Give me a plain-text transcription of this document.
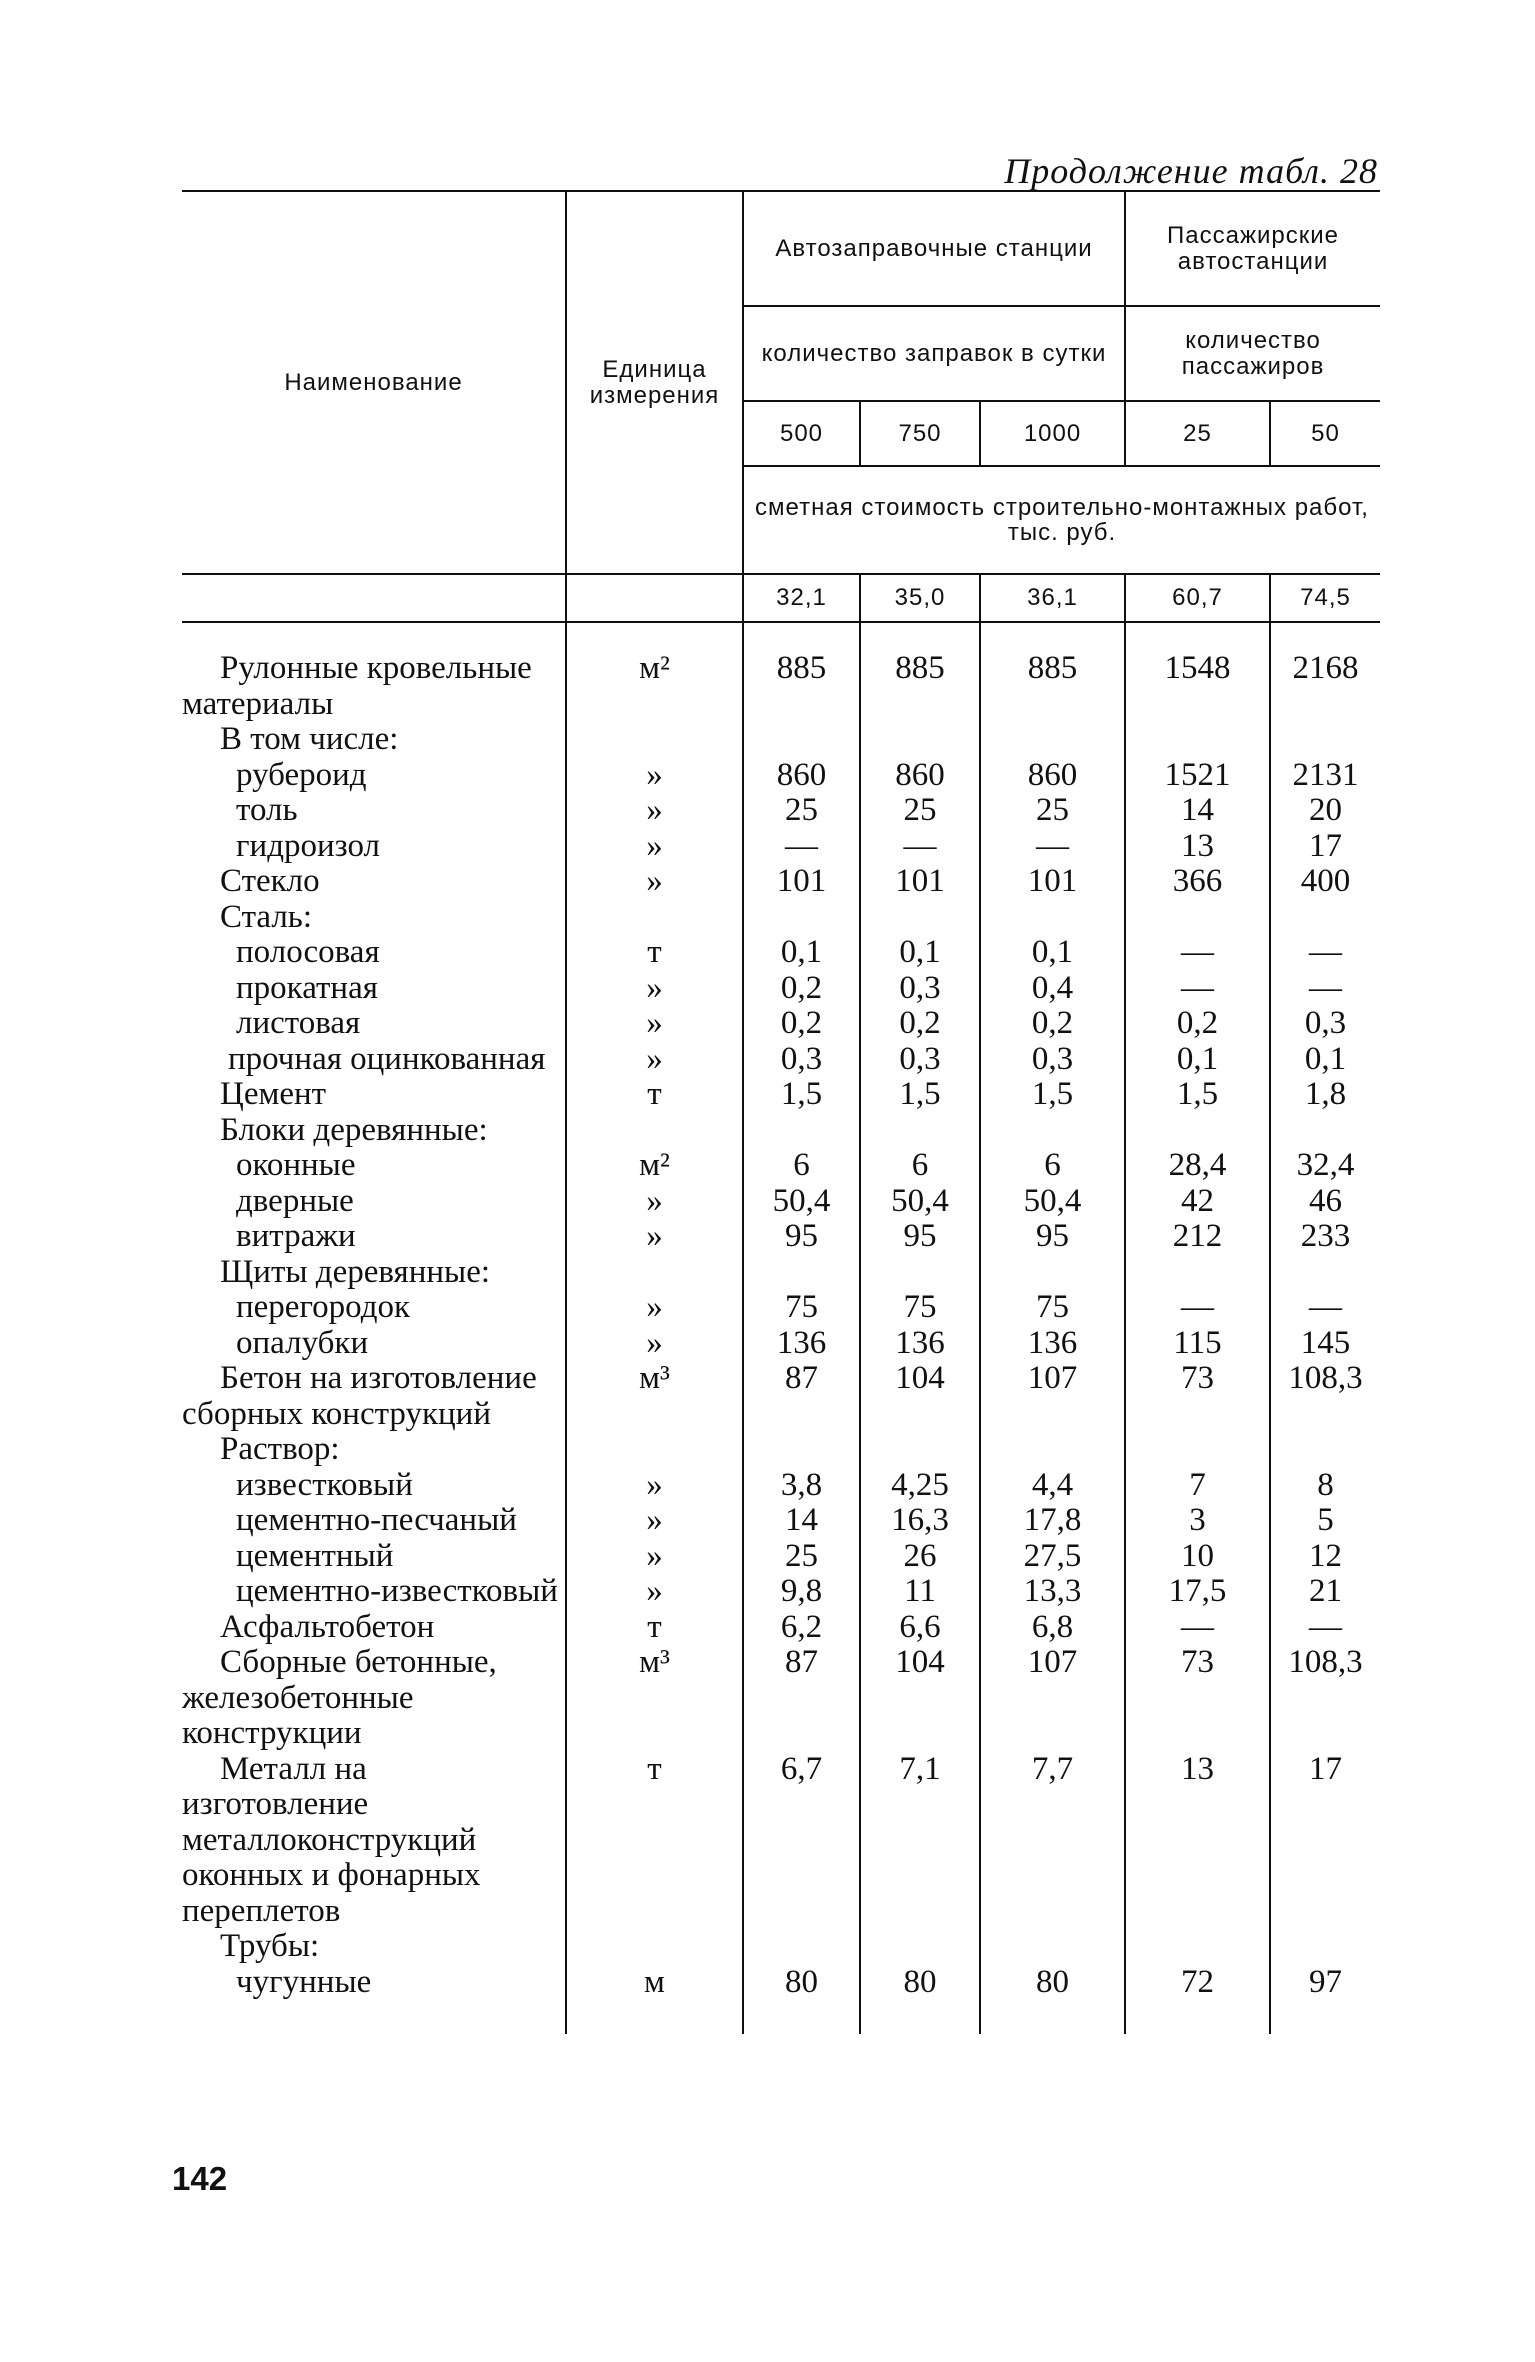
Продолжение табл. 28
Наименование	Единица измерения	Автозаправочные станции			Пассажирские автостанции	
		количество заправок в сутки			количество пассажиров	
		500	750	1000	25	50
		сметная стоимость строительно-монтажных работ, тыс. руб.				
		32,1	35,0	36,1	60,7	74,5
Рулонные кровельные материалы	м²	885	885	885	1548	2168
В том числе:						
рубероид	»	860	860	860	1521	2131
толь	»	25	25	25	14	20
гидроизол	»	—	—	—	13	17
Стекло	»	101	101	101	366	400
Сталь:						
полосовая	т	0,1	0,1	0,1	—	—
прокатная	»	0,2	0,3	0,4	—	—
листовая	»	0,2	0,2	0,2	0,2	0,3
прочная оцинкованная	»	0,3	0,3	0,3	0,1	0,1
Цемент	т	1,5	1,5	1,5	1,5	1,8
Блоки деревянные:						
оконные	м²	6	6	6	28,4	32,4
дверные	»	50,4	50,4	50,4	42	46
витражи	»	95	95	95	212	233
Щиты деревянные:						
перегородок	»	75	75	75	—	—
опалубки	»	136	136	136	115	145
Бетон на изготовление сборных конструкций	м³	87	104	107	73	108,3
Раствор:						
известковый	»	3,8	4,25	4,4	7	8
цементно-песчаный	»	14	16,3	17,8	3	5
цементный	»	25	26	27,5	10	12
цементно-известковый	»	9,8	11	13,3	17,5	21
Асфальтобетон	т	6,2	6,6	6,8	—	—
Сборные бетонные, железобетонные конструкции	м³	87	104	107	73	108,3
Металл на изготовление металлоконструкций оконных и фонарных переплетов	т	6,7	7,1	7,7	13	17
Трубы:						
чугунные	м	80	80	80	72	97
142
